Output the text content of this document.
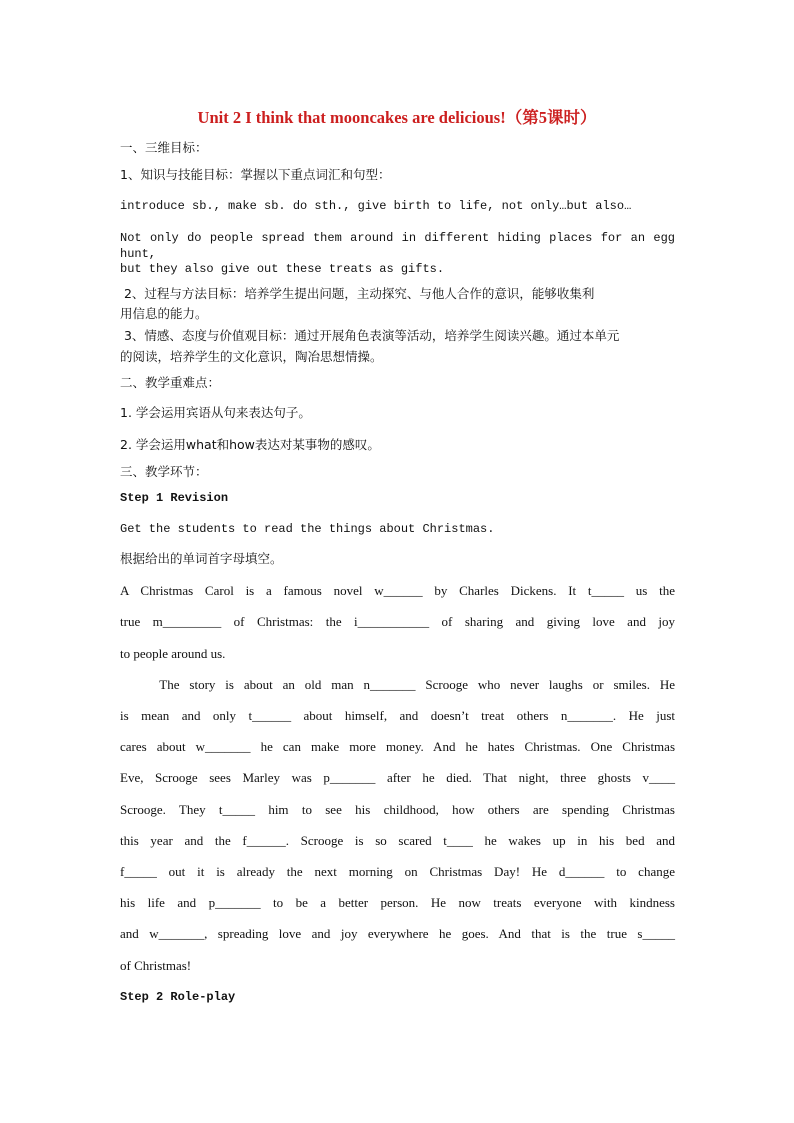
Unit 2 I think that mooncakes are delicious!（第5课时）

一、三维目标：

1、知识与技能目标：掌握以下重点词汇和句型：

introduce sb., make sb. do sth., give birth to life, not only…but also…

Not only do people spread them around in different hiding places for an egg hunt,

but they also give out these treats as gifts.

2、过程与方法目标：培养学生提出问题，主动探究、与他人合作的意识，能够收集利

用信息的能力。

3、情感、态度与价值观目标：通过开展角色表演等活动，培养学生阅读兴趣。通过本单元

的阅读，培养学生的文化意识，陶冶思想情操。

二、教学重难点：

1. 学会运用宾语从句来表达句子。

2. 学会运用what和how表达对某事物的感叹。

三、教学环节：

Step 1 Revision

Get the students to read the things about Christmas.

根据给出的单词首字母填空。

A Christmas Carol is a famous novel w______ by Charles Dickens. It t_____ us the

true m_________ of Christmas: the i___________ of sharing and giving love and joy

to people around us.

The story is about an old man n_______ Scrooge who never laughs or smiles. He

is mean and only t______ about himself, and doesn’t treat others n_______. He just

cares about w_______ he can make more money. And he hates Christmas. One Christmas

Eve, Scrooge sees Marley was p_______ after he died. That night, three ghosts v____

Scrooge. They t_____ him to see his childhood, how others are spending Christmas

this year and the f______. Scrooge is so scared t____ he wakes up in his bed and

f_____ out it is already the next morning on Christmas Day! He d______ to change

his life and p_______ to be a better person. He now treats everyone with kindness

and w_______, spreading love and joy everywhere he goes. And that is the true s_____

of Christmas!

Step 2 Role-play
